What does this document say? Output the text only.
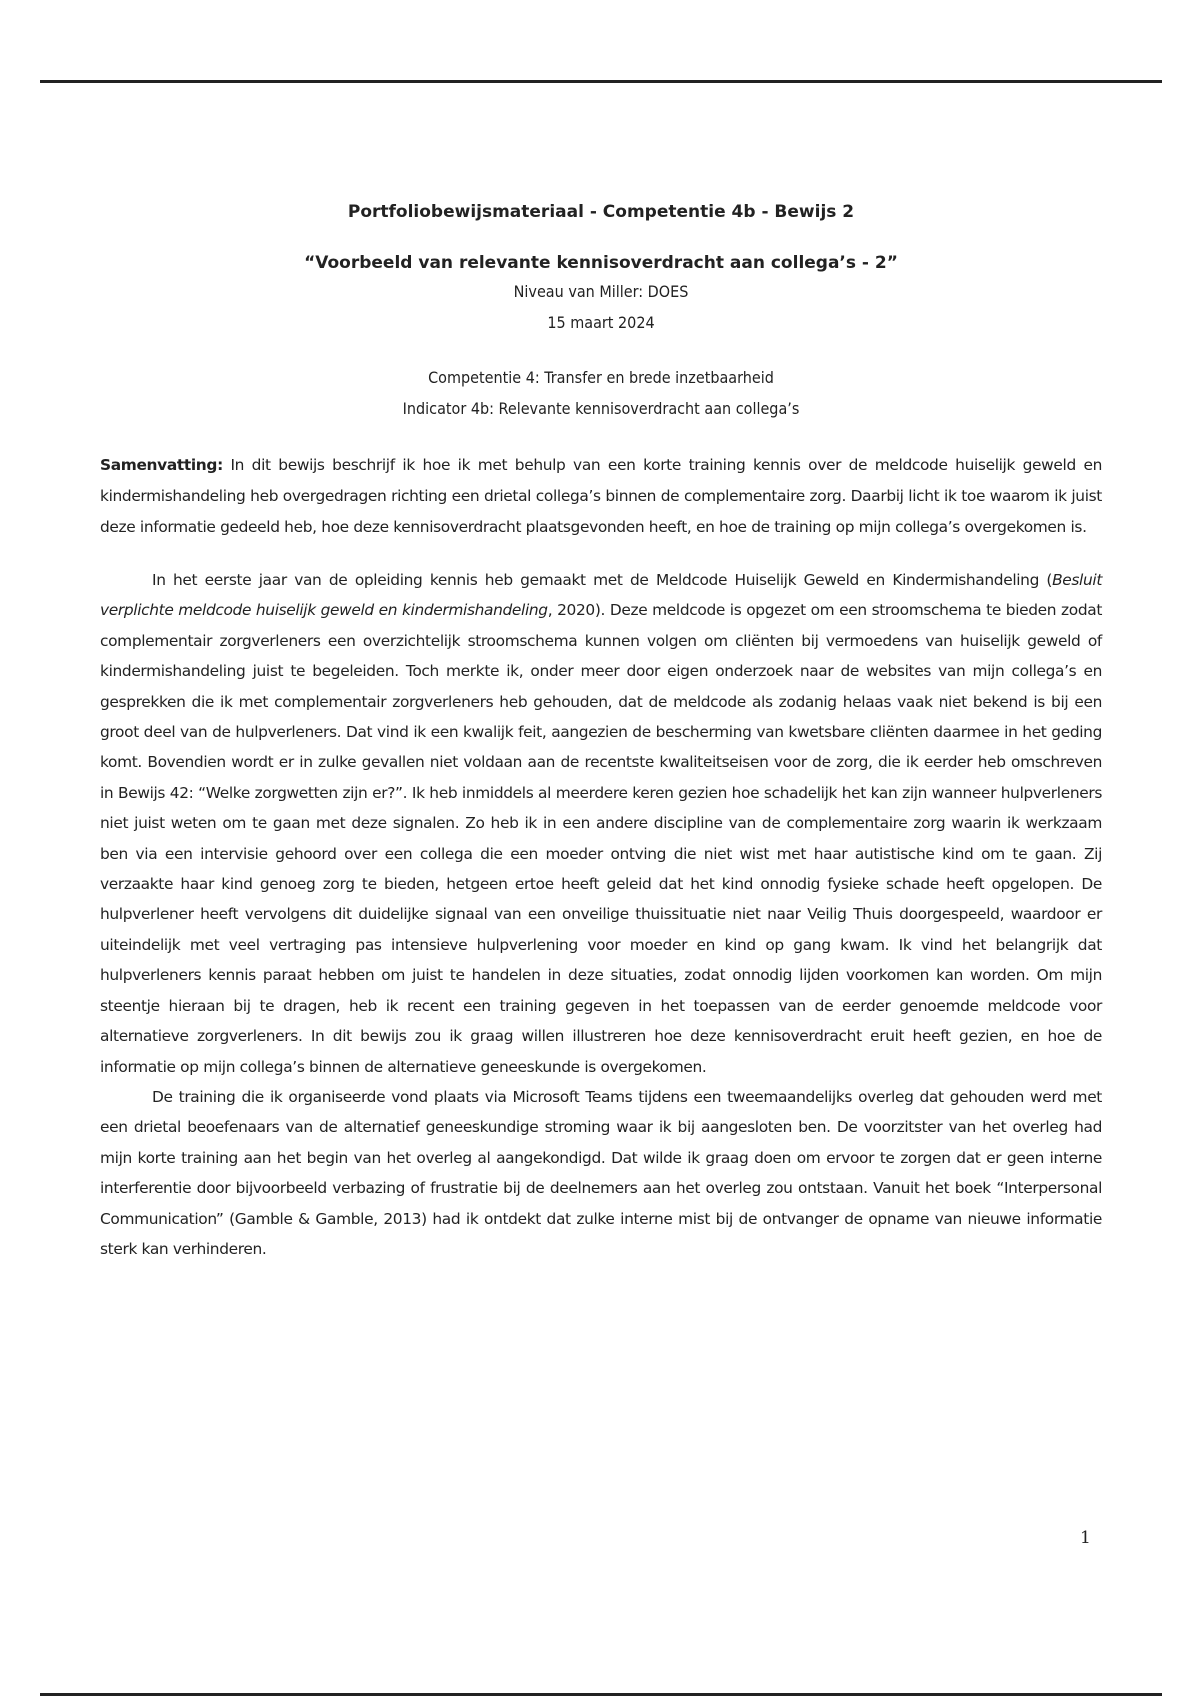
Portfoliobewijsmateriaal - Competentie 4b - Bewijs 2

“Voorbeeld van relevante kennisoverdracht aan collega’s - 2”

Niveau van Miller: DOES

15 maart 2024

Competentie 4: Transfer en brede inzetbaarheid

Indicator 4b: Relevante kennisoverdracht aan collega’s

Samenvatting: In dit bewijs beschrijf ik hoe ik met behulp van een korte training kennis over de meldcode huiselijk geweld en kindermishandeling heb overgedragen richting een drietal collega’s binnen de complementaire zorg. Daarbij licht ik toe waarom ik juist deze informatie gedeeld heb, hoe deze kennisoverdracht plaatsgevonden heeft, en hoe de training op mijn collega’s overgekomen is.

In het eerste jaar van de opleiding kennis heb gemaakt met de Meldcode Huiselijk Geweld en Kindermishandeling (Besluit verplichte meldcode huiselijk geweld en kindermishandeling, 2020). Deze meldcode is opgezet om een stroomschema te bieden zodat complementair zorgverleners een overzichtelijk stroomschema kunnen volgen om cliënten bij vermoedens van huiselijk geweld of kindermishandeling juist te begeleiden. Toch merkte ik, onder meer door eigen onderzoek naar de websites van mijn collega’s en gesprekken die ik met complementair zorgverleners heb gehouden, dat de meldcode als zodanig helaas vaak niet bekend is bij een groot deel van de hulpverleners. Dat vind ik een kwalijk feit, aangezien de bescherming van kwetsbare cliënten daarmee in het geding komt. Bovendien wordt er in zulke gevallen niet voldaan aan de recentste kwaliteitseisen voor de zorg, die ik eerder heb omschreven in Bewijs 42: “Welke zorgwetten zijn er?”. Ik heb inmiddels al meerdere keren gezien hoe schadelijk het kan zijn wanneer hulpverleners niet juist weten om te gaan met deze signalen. Zo heb ik in een andere discipline van de complementaire zorg waarin ik werkzaam ben via een intervisie gehoord over een collega die een moeder ontving die niet wist met haar autistische kind om te gaan. Zij verzaakte haar kind genoeg zorg te bieden, hetgeen ertoe heeft geleid dat het kind onnodig fysieke schade heeft opgelopen. De hulpverlener heeft vervolgens dit duidelijke signaal van een onveilige thuissituatie niet naar Veilig Thuis doorgespeeld, waardoor er uiteindelijk met veel vertraging pas intensieve hulpverlening voor moeder en kind op gang kwam. Ik vind het belangrijk dat hulpverleners kennis paraat hebben om juist te handelen in deze situaties, zodat onnodig lijden voorkomen kan worden. Om mijn steentje hieraan bij te dragen, heb ik recent een training gegeven in het toepassen van de eerder genoemde meldcode voor alternatieve zorgverleners. In dit bewijs zou ik graag willen illustreren hoe deze kennisoverdracht eruit heeft gezien, en hoe de informatie op mijn collega’s binnen de alternatieve geneeskunde is overgekomen.

De training die ik organiseerde vond plaats via Microsoft Teams tijdens een tweemaandelijks overleg dat gehouden werd met een drietal beoefenaars van de alternatief geneeskundige stroming waar ik bij aangesloten ben. De voorzitster van het overleg had mijn korte training aan het begin van het overleg al aangekondigd. Dat wilde ik graag doen om ervoor te zorgen dat er geen interne interferentie door bijvoorbeeld verbazing of frustratie bij de deelnemers aan het overleg zou ontstaan. Vanuit het boek “Interpersonal Communication” (Gamble & Gamble, 2013) had ik ontdekt dat zulke interne mist bij de ontvanger de opname van nieuwe informatie sterk kan verhinderen.

1
